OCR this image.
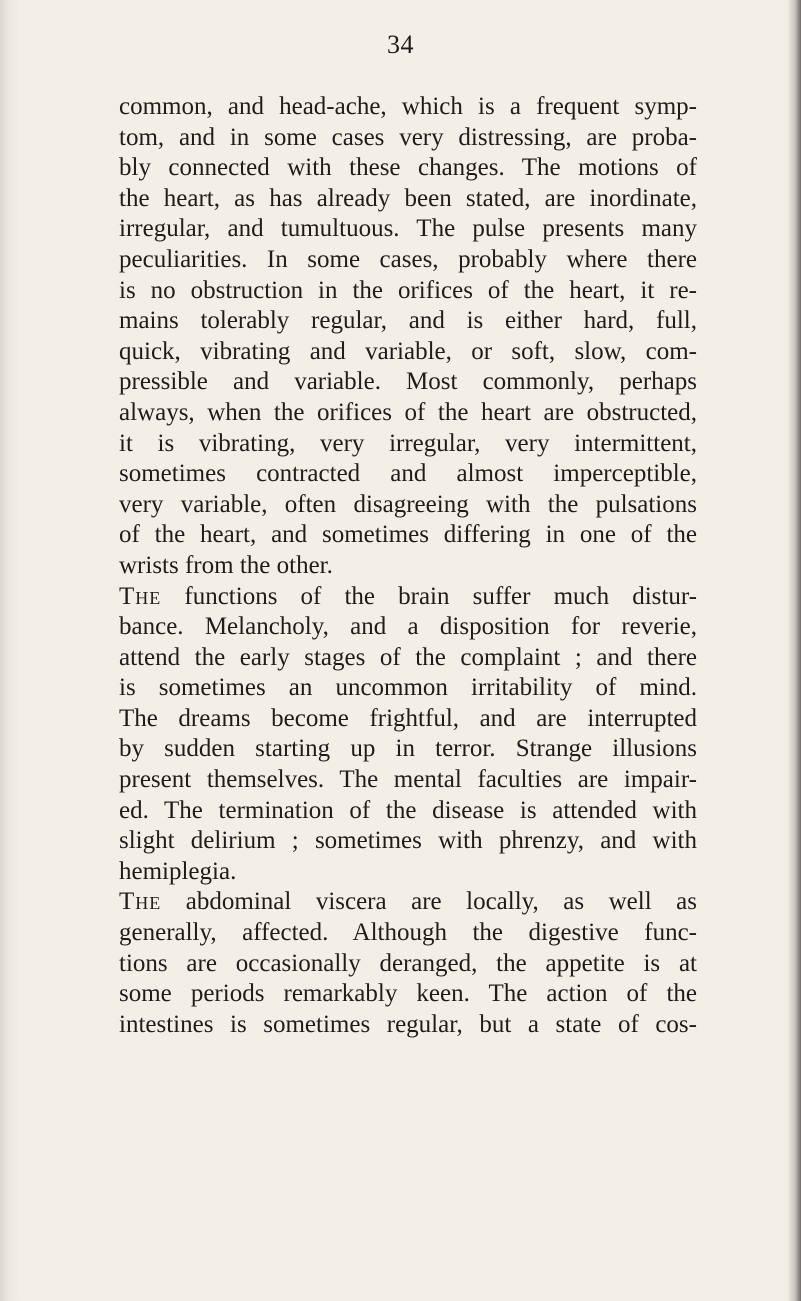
34
common, and head-ache, which is a frequent symp-
tom, and in some cases very distressing, are proba-
bly connected with these changes. The motions of
the heart, as has already been stated, are inordinate,
irregular, and tumultuous. The pulse presents many
peculiarities. In some cases, probably where there
is no obstruction in the orifices of the heart, it re-
mains tolerably regular, and is either hard, full,
quick, vibrating and variable, or soft, slow, com-
pressible and variable. Most commonly, perhaps
always, when the orifices of the heart are obstructed,
it is vibrating, very irregular, very intermittent,
sometimes contracted and almost imperceptible,
very variable, often disagreeing with the pulsations
of the heart, and sometimes differing in one of the
wrists from the other.
The functions of the brain suffer much distur-
bance. Melancholy, and a disposition for reverie,
attend the early stages of the complaint ; and there
is sometimes an uncommon irritability of mind.
The dreams become frightful, and are interrupted
by sudden starting up in terror. Strange illusions
present themselves. The mental faculties are impair-
ed. The termination of the disease is attended with
slight delirium ; sometimes with phrenzy, and with
hemiplegia.
The abdominal viscera are locally, as well as
generally, affected. Although the digestive func-
tions are occasionally deranged, the appetite is at
some periods remarkably keen. The action of the
intestines is sometimes regular, but a state of cos-
